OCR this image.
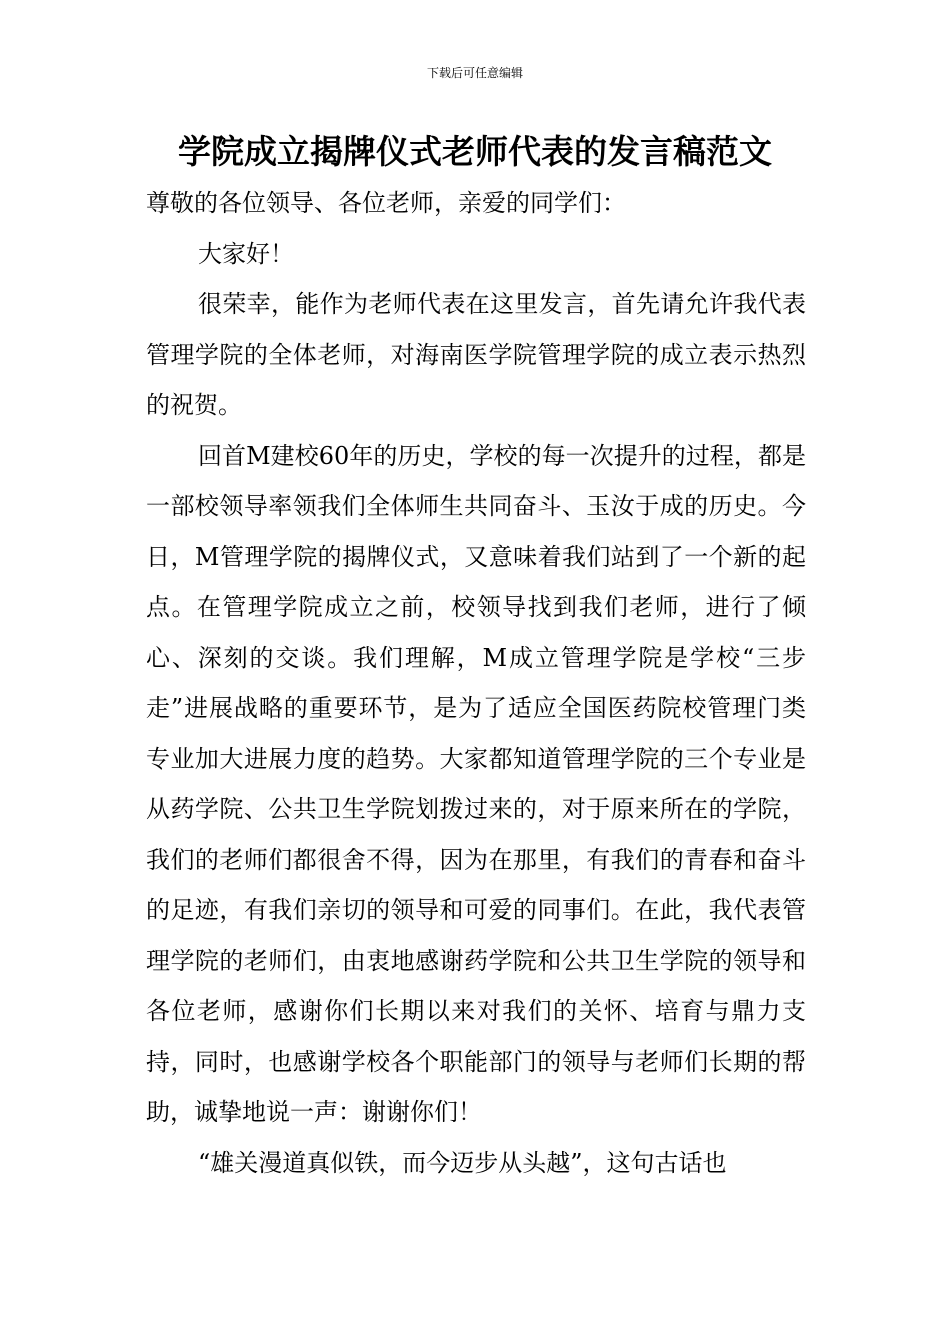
下载后可任意编辑
学院成立揭牌仪式老师代表的发言稿范文

尊敬的各位领导、各位老师，亲爱的同学们：

大家好！

很荣幸，能作为老师代表在这里发言，首先请允许我代表管理学院的全体老师，对海南医学院管理学院的成立表示热烈的祝贺。

回首M建校60年的历史，学校的每一次提升的过程，都是一部校领导率领我们全体师生共同奋斗、玉汝于成的历史。今日，M管理学院的揭牌仪式，又意味着我们站到了一个新的起点。在管理学院成立之前，校领导找到我们老师，进行了倾心、深刻的交谈。我们理解，M成立管理学院是学校“三步走”进展战略的重要环节，是为了适应全国医药院校管理门类专业加大进展力度的趋势。大家都知道管理学院的三个专业是从药学院、公共卫生学院划拨过来的，对于原来所在的学院，我们的老师们都很舍不得，因为在那里，有我们的青春和奋斗的足迹，有我们亲切的领导和可爱的同事们。在此，我代表管理学院的老师们，由衷地感谢药学院和公共卫生学院的领导和各位老师，感谢你们长期以来对我们的关怀、培育与鼎力支持，同时，也感谢学校各个职能部门的领导与老师们长期的帮助，诚挚地说一声：谢谢你们！

“雄关漫道真似铁，而今迈步从头越”，这句古话也
